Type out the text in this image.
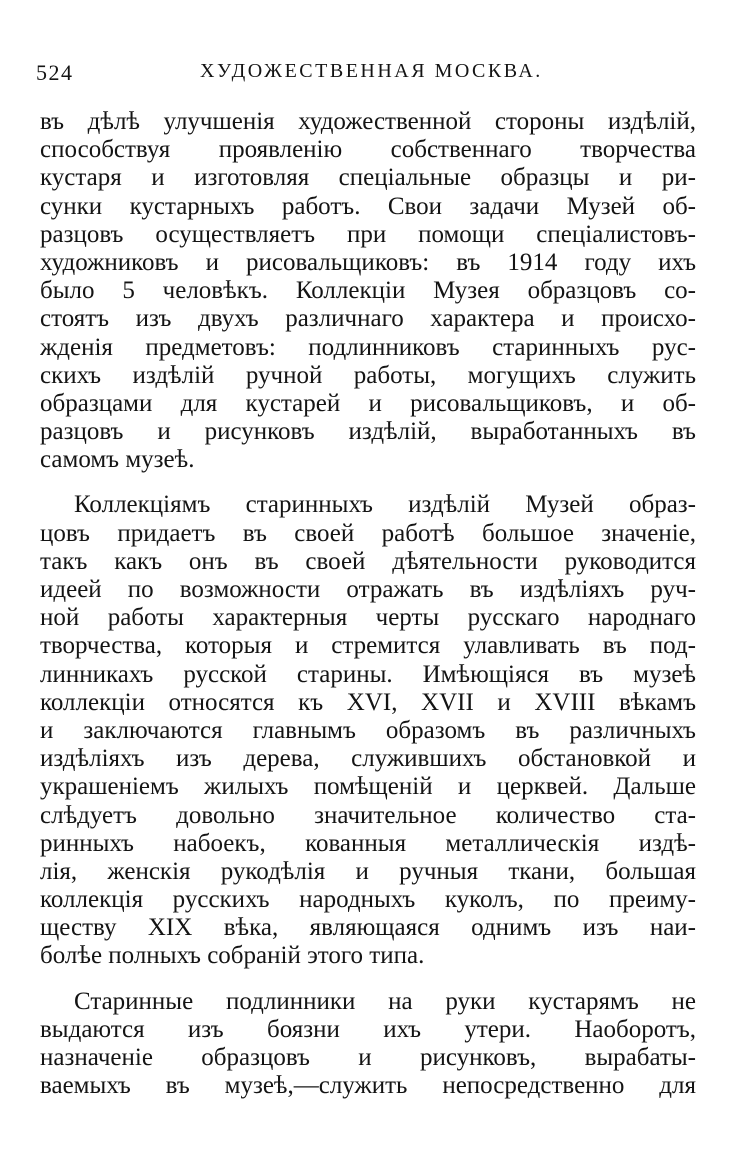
524	ХУДОЖЕСТВЕННАЯ МОСКВА.
въ дѣлѣ улучшенія художественной стороны издѣлій,
способствуя проявленію собственнаго творчества
кустаря и изготовляя спеціальные образцы и ри-
сунки кустарныхъ работъ. Свои задачи Музей об-
разцовъ осуществляетъ при помощи спеціалистовъ-
художниковъ и рисовальщиковъ: въ 1914 году ихъ
было 5 человѣкъ. Коллекціи Музея образцовъ со-
стоятъ изъ двухъ различнаго характера и происхо-
жденія предметовъ: подлинниковъ старинныхъ рус-
скихъ издѣлій ручной работы, могущихъ служить
образцами для кустарей и рисовальщиковъ, и об-
разцовъ и рисунковъ издѣлій, выработанныхъ въ
самомъ музеѣ.
Коллекціямъ старинныхъ издѣлій Музей образ-
цовъ придаетъ въ своей работѣ большое значеніе,
такъ какъ онъ въ своей дѣятельности руководится
идеей по возможности отражать въ издѣліяхъ руч-
ной работы характерныя черты русскаго народнаго
творчества, которыя и стремится улавливать въ под-
линникахъ русской старины. Имѣющіяся въ музеѣ
коллекціи относятся къ XVI, XVII и XVIII вѣкамъ
и заключаются главнымъ образомъ въ различныхъ
издѣліяхъ изъ дерева, служившихъ обстановкой и
украшеніемъ жилыхъ помѣщеній и церквей. Дальше
слѣдуетъ довольно значительное количество ста-
ринныхъ набоекъ, кованныя металлическія издѣ-
лія, женскія рукодѣлія и ручныя ткани, большая
коллекція русскихъ народныхъ куколъ, по преиму-
ществу XIX вѣка, являющаяся однимъ изъ наи-
болѣе полныхъ собраній этого типа.
Старинные подлинники на руки кустарямъ не
выдаются изъ боязни ихъ утери. Наоборотъ,
назначеніе образцовъ и рисунковъ, вырабаты-
ваемыхъ въ музеѣ,—служить непосредственно для
